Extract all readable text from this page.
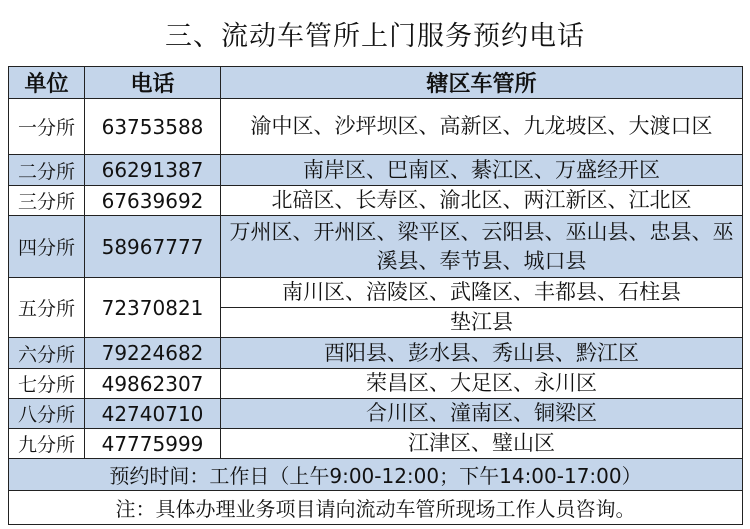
三、流动车管所上门服务预约电话
单位	电话	辖区车管所
一分所	63753588	渝中区、沙坪坝区、高新区、九龙坡区、大渡口区
二分所	66291387	南岸区、巴南区、綦江区、万盛经开区
三分所	67639692	北碚区、长寿区、渝北区、两江新区、江北区
四分所	58967777	万州区、开州区、梁平区、云阳县、巫山县、忠县、巫溪县、奉节县、城口县
五分所	72370821	南川区、涪陵区、武隆区、丰都县、石柱县
		垫江县
六分所	79224682	酉阳县、彭水县、秀山县、黔江区
七分所	49862307	荣昌区、大足区、永川区
八分所	42740710	合川区、潼南区、铜梁区
九分所	47775999	江津区、璧山区
预约时间：工作日（上午9:00-12:00；下午14:00-17:00）		
注：具体办理业务项目请向流动车管所现场工作人员咨询。		
